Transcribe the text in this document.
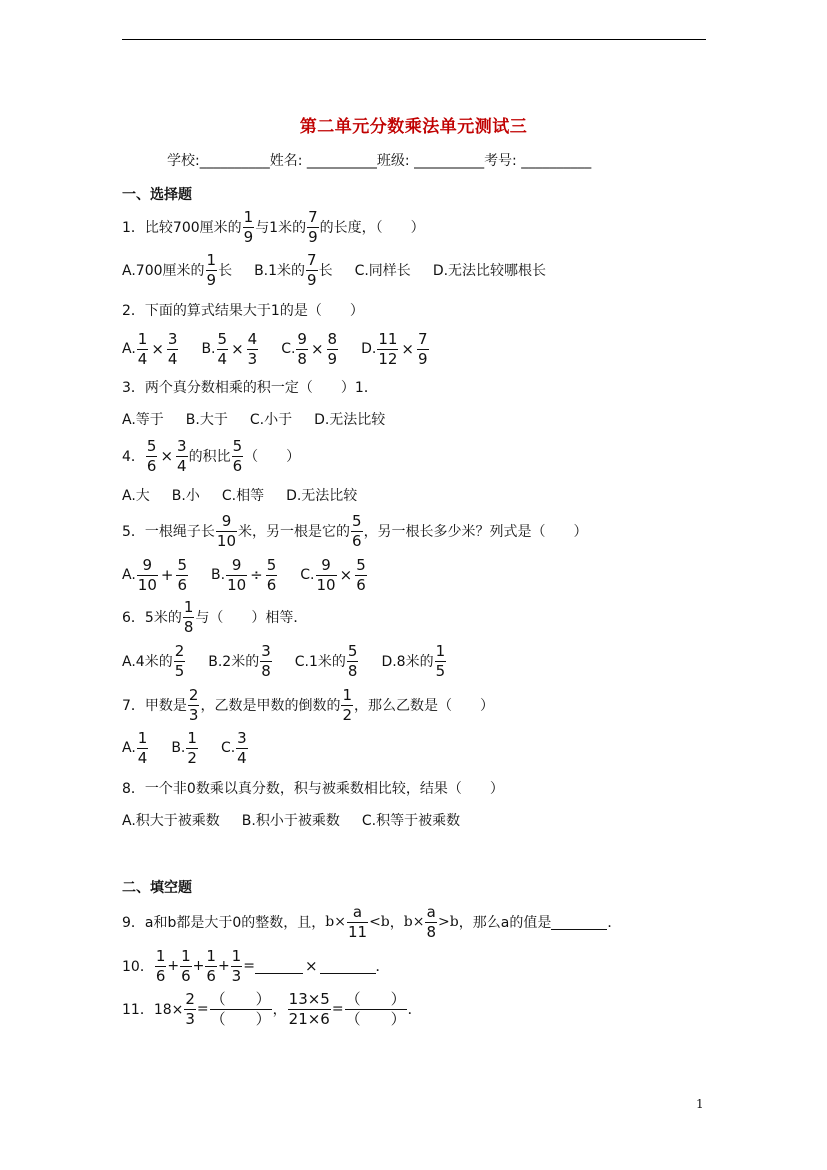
第二单元分数乘法单元测试三
学校:__________姓名: __________班级: __________考号: __________
一、选择题
1．比较700厘米的 $\frac{1}{9}$ 与1米的 $\frac{7}{9}$ 的长度，（　　）
A.700厘米的 $\frac{1}{9}$ 长 B.1米的 $\frac{7}{9}$ 长 C.同样长 D.无法比较哪根长
2．下面的算式结果大于1的是（　　）
A. $\frac{1}{4} \times \frac{3}{4} B$. $\frac{5}{4} \times \frac{4}{3} C$. $\frac{9}{8} \times \frac{8}{9} D$. $\frac{11}{12} \times \frac{7}{9}$
3．两个真分数相乘的积一定（　　）1．
A.等于 B.大于 C.小于 D.无法比较
4． $\frac{5}{6} \times \frac{3}{4}$ 的积比 $\frac{5}{6}$ （　　）
A.大 B.小 C.相等 D.无法比较
5．一根绳子长 $\frac{9}{10}$ 米，另一根是它的 $\frac{5}{6}$ ，另一根长多少米？列式是（　　）
A. $\frac{9}{10} + \frac{5}{6} B$. $\frac{9}{10} \div \frac{5}{6} C$. $\frac{9}{10} \times \frac{5}{6}$
6．5米的 $\frac{1}{8}$ 与（　　）相等．
A.4米的 $\frac{2}{5} B.2$米的 $\frac{3}{8} C.1$米的 $\frac{5}{8} D.8$米的 $\frac{1}{5}$
7．甲数是 $\frac{2}{3}$ ，乙数是甲数的倒数的 $\frac{1}{2}$ ，那么乙数是（　　）
A. $\frac{1}{4} B$. $\frac{1}{2} C$. $\frac{3}{4}$
8．一个非0数乘以真分数，积与被乘数相比较，结果（　　）
A.积大于被乘数 B.积小于被乘数 C.积等于被乘数
二、填空题
9．a和b都是大于0的整数，且， $b\times \frac{a}{11} <b$ ， $b\times \frac{a}{8} >b$ ，那么a的值是	．
10． $\frac{1}{6} + \frac{1}{6} + \frac{1}{6} + \frac{1}{3}$ =	×	．
11．$18\times \frac{2}{3} = \frac{( )}{( )}$ ， $\frac{13\times 5}{21\times 6} = \frac{( )}{( )}$ ．
1
